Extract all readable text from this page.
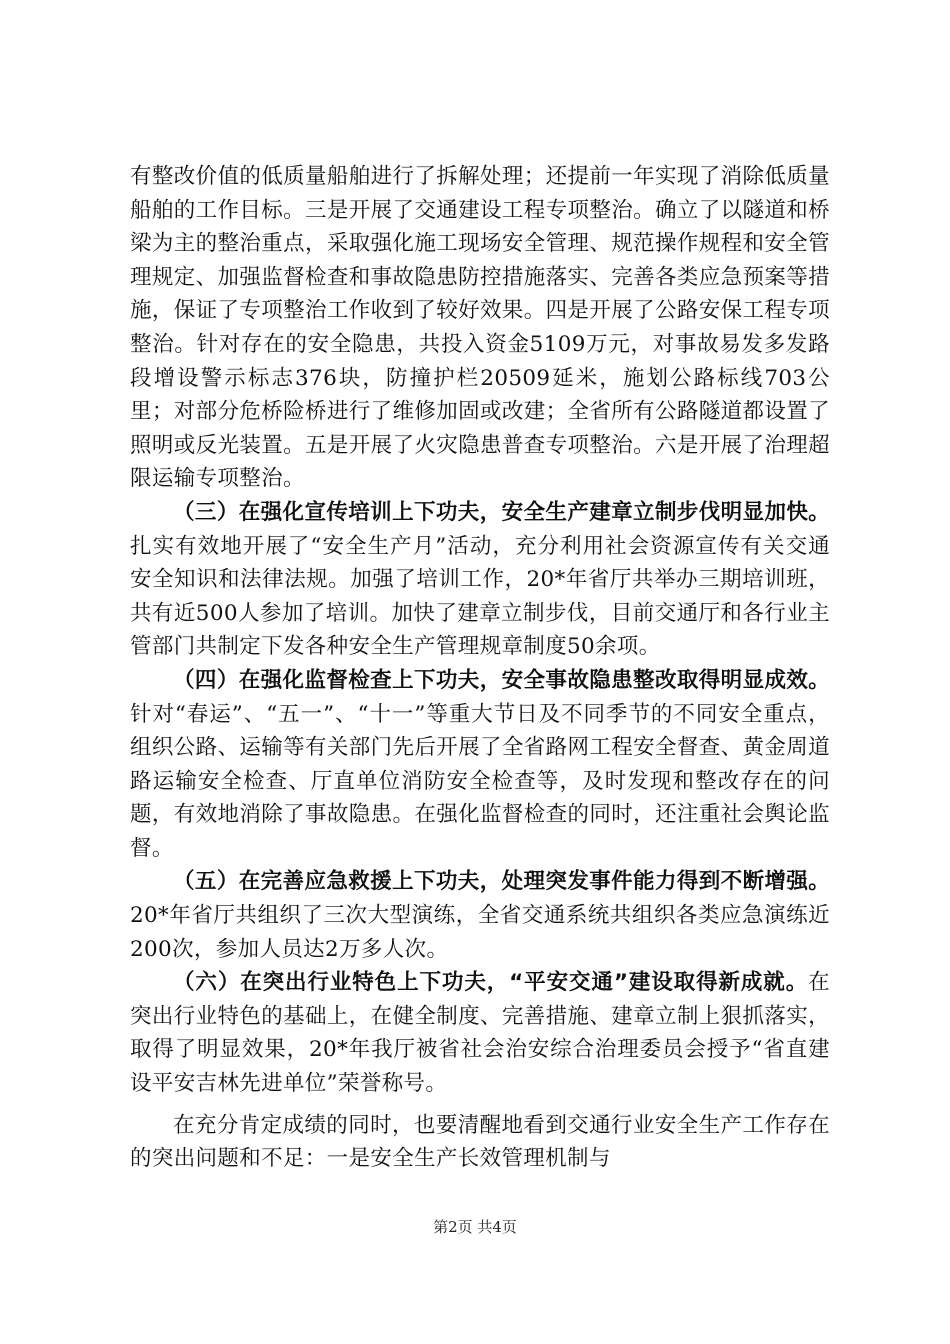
有整改价值的低质量船舶进行了拆解处理；还提前一年实现了消除低质量船舶的工作目标。三是开展了交通建设工程专项整治。确立了以隧道和桥梁为主的整治重点，采取强化施工现场安全管理、规范操作规程和安全管理规定、加强监督检查和事故隐患防控措施落实、完善各类应急预案等措施，保证了专项整治工作收到了较好效果。四是开展了公路安保工程专项整治。针对存在的安全隐患，共投入资金5109万元，对事故易发多发路段增设警示标志376块，防撞护栏20509延米，施划公路标线703公里；对部分危桥险桥进行了维修加固或改建；全省所有公路隧道都设置了照明或反光装置。五是开展了火灾隐患普查专项整治。六是开展了治理超限运输专项整治。

（三）在强化宣传培训上下功夫，安全生产建章立制步伐明显加快。扎实有效地开展了“安全生产月”活动，充分利用社会资源宣传有关交通安全知识和法律法规。加强了培训工作，20*年省厅共举办三期培训班，共有近500人参加了培训。加快了建章立制步伐，目前交通厅和各行业主管部门共制定下发各种安全生产管理规章制度50余项。

（四）在强化监督检查上下功夫，安全事故隐患整改取得明显成效。针对“春运”、“五一”、“十一”等重大节日及不同季节的不同安全重点，组织公路、运输等有关部门先后开展了全省路网工程安全督查、黄金周道路运输安全检查、厅直单位消防安全检查等，及时发现和整改存在的问题，有效地消除了事故隐患。在强化监督检查的同时，还注重社会舆论监督。

（五）在完善应急救援上下功夫，处理突发事件能力得到不断增强。20*年省厅共组织了三次大型演练，全省交通系统共组织各类应急演练近200次，参加人员达2万多人次。

（六）在突出行业特色上下功夫，“平安交通”建设取得新成就。在突出行业特色的基础上，在健全制度、完善措施、建章立制上狠抓落实，取得了明显效果，20*年我厅被省社会治安综合治理委员会授予“省直建设平安吉林先进单位”荣誉称号。

在充分肯定成绩的同时，也要清醒地看到交通行业安全生产工作存在的突出问题和不足：一是安全生产长效管理机制与

第2页 共4页
